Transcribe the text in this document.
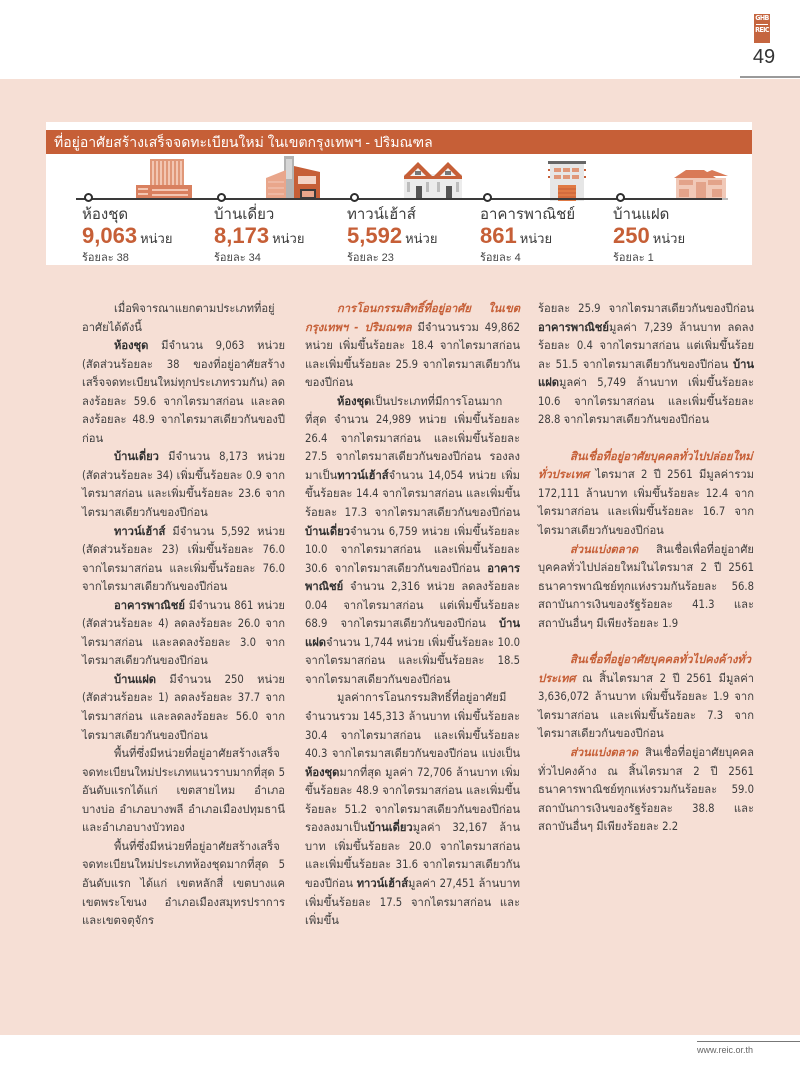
GHB
REIC
49
ที่อยู่อาศัยสร้างเสร็จจดทะเบียนใหม่ ในเขตกรุงเทพฯ - ปริมณฑล
ห้องชุด
9,063 หน่วย
ร้อยละ 38
บ้านเดี่ยว
8,173 หน่วย
ร้อยละ 34
ทาวน์เฮ้าส์
5,592 หน่วย
ร้อยละ 23
อาคารพาณิชย์
861 หน่วย
ร้อยละ 4
บ้านแฝด
250 หน่วย
ร้อยละ 1

เมื่อพิจารณาแยกตามประเภทที่อยู่อาศัยได้ดังนี้

ห้องชุด มีจำนวน 9,063 หน่วย (สัดส่วนร้อยละ 38 ของที่อยู่อาศัยสร้างเสร็จจดทะเบียนใหม่ทุกประเภทรวมกัน) ลดลงร้อยละ 59.6 จากไตรมาสก่อน และลดลงร้อยละ 48.9 จากไตรมาสเดียวกันของปีก่อน

บ้านเดี่ยว มีจำนวน 8,173 หน่วย (สัดส่วนร้อยละ 34) เพิ่มขึ้นร้อยละ 0.9 จากไตรมาสก่อน และเพิ่มขึ้นร้อยละ 23.6 จากไตรมาสเดียวกันของปีก่อน

ทาวน์เฮ้าส์ มีจำนวน 5,592 หน่วย (สัดส่วนร้อยละ 23) เพิ่มขึ้นร้อยละ 76.0 จากไตรมาสก่อน และเพิ่มขึ้นร้อยละ 76.0 จากไตรมาสเดียวกันของปีก่อน

อาคารพาณิชย์ มีจำนวน 861 หน่วย (สัดส่วนร้อยละ 4) ลดลงร้อยละ 26.0 จากไตรมาสก่อน และลดลงร้อยละ 3.0 จากไตรมาสเดียวกันของปีก่อน

บ้านแฝด มีจำนวน 250 หน่วย (สัดส่วนร้อยละ 1) ลดลงร้อยละ 37.7 จากไตรมาสก่อน และลดลงร้อยละ 56.0 จากไตรมาสเดียวกันของปีก่อน

พื้นที่ซึ่งมีหน่วยที่อยู่อาศัยสร้างเสร็จจดทะเบียนใหม่ประเภทแนวราบมากที่สุด 5 อันดับแรกได้แก่ เขตสายไหม อำเภอบางบ่อ อำเภอบางพลี อำเภอเมืองปทุมธานี และอำเภอบางบัวทอง

พื้นที่ซึ่งมีหน่วยที่อยู่อาศัยสร้างเสร็จจดทะเบียนใหม่ประเภทห้องชุดมากที่สุด 5 อันดับแรก ได้แก่ เขตหลักสี่ เขตบางแค เขตพระโขนง อำเภอเมืองสมุทรปราการ และเขตจตุจักร

การโอนกรรมสิทธิ์ที่อยู่อาศัย ในเขตกรุงเทพฯ - ปริมณฑล มีจำนวนรวม 49,862 หน่วย เพิ่มขึ้นร้อยละ 18.4 จากไตรมาสก่อน และเพิ่มขึ้นร้อยละ 25.9 จากไตรมาสเดียวกันของปีก่อน

ห้องชุดเป็นประเภทที่มีการโอนมากที่สุด จำนวน 24,989 หน่วย เพิ่มขึ้นร้อยละ 26.4 จากไตรมาสก่อน และเพิ่มขึ้นร้อยละ 27.5 จากไตรมาสเดียวกันของปีก่อน รองลงมาเป็นทาวน์เฮ้าส์จำนวน 14,054 หน่วย เพิ่มขึ้นร้อยละ 14.4 จากไตรมาสก่อน และเพิ่มขึ้นร้อยละ 17.3 จากไตรมาสเดียวกันของปีก่อน บ้านเดี่ยวจำนวน 6,759 หน่วย เพิ่มขึ้นร้อยละ 10.0 จากไตรมาสก่อน และเพิ่มขึ้นร้อยละ 30.6 จากไตรมาสเดียวกันของปีก่อน อาคารพาณิชย์ จำนวน 2,316 หน่วย ลดลงร้อยละ 0.04 จากไตรมาสก่อน แต่เพิ่มขึ้นร้อยละ 68.9 จากไตรมาสเดียวกันของปีก่อน บ้านแฝดจำนวน 1,744 หน่วย เพิ่มขึ้นร้อยละ 10.0 จากไตรมาสก่อน และเพิ่มขึ้นร้อยละ 18.5 จากไตรมาสเดียวกันของปีก่อน

มูลค่าการโอนกรรมสิทธิ์ที่อยู่อาศัยมีจำนวนรวม 145,313 ล้านบาท เพิ่มขึ้นร้อยละ 30.4 จากไตรมาสก่อน และเพิ่มขึ้นร้อยละ 40.3 จากไตรมาสเดียวกันของปีก่อน แบ่งเป็นห้องชุดมากที่สุด มูลค่า 72,706 ล้านบาท เพิ่มขึ้นร้อยละ 48.9 จากไตรมาสก่อน และเพิ่มขึ้นร้อยละ 51.2 จากไตรมาสเดียวกันของปีก่อน รองลงมาเป็นบ้านเดี่ยวมูลค่า 32,167 ล้านบาท เพิ่มขึ้นร้อยละ 20.0 จากไตรมาสก่อน และเพิ่มขึ้นร้อยละ 31.6 จากไตรมาสเดียวกันของปีก่อน ทาวน์เฮ้าส์มูลค่า 27,451 ล้านบาท เพิ่มขึ้นร้อยละ 17.5 จากไตรมาสก่อน และเพิ่มขึ้น

ร้อยละ 25.9 จากไตรมาสเดียวกันของปีก่อน อาคารพาณิชย์มูลค่า 7,239 ล้านบาท ลดลงร้อยละ 0.4 จากไตรมาสก่อน แต่เพิ่มขึ้นร้อยละ 51.5 จากไตรมาสเดียวกันของปีก่อน บ้านแฝดมูลค่า 5,749 ล้านบาท เพิ่มขึ้นร้อยละ 10.6 จากไตรมาสก่อน และเพิ่มขึ้นร้อยละ 28.8 จากไตรมาสเดียวกันของปีก่อน

สินเชื่อที่อยู่อาศัยบุคคลทั่วไปปล่อยใหม่ทั่วประเทศ ไตรมาส 2 ปี 2561 มีมูลค่ารวม 172,111 ล้านบาท เพิ่มขึ้นร้อยละ 12.4 จากไตรมาสก่อน และเพิ่มขึ้นร้อยละ 16.7 จากไตรมาสเดียวกันของปีก่อน

ส่วนแบ่งตลาด สินเชื่อเพื่อที่อยู่อาศัยบุคคลทั่วไปปล่อยใหม่ในไตรมาส 2 ปี 2561 ธนาคารพาณิชย์ทุกแห่งรวมกันร้อยละ 56.8 สถาบันการเงินของรัฐร้อยละ 41.3 และสถาบันอื่นๆ มีเพียงร้อยละ 1.9

สินเชื่อที่อยู่อาศัยบุคคลทั่วไปคงค้างทั่วประเทศ ณ สิ้นไตรมาส 2 ปี 2561 มีมูลค่า 3,636,072 ล้านบาท เพิ่มขึ้นร้อยละ 1.9 จากไตรมาสก่อน และเพิ่มขึ้นร้อยละ 7.3 จากไตรมาสเดียวกันของปีก่อน

ส่วนแบ่งตลาด สินเชื่อที่อยู่อาศัยบุคคลทั่วไปคงค้าง ณ สิ้นไตรมาส 2 ปี 2561 ธนาคารพาณิชย์ทุกแห่งรวมกันร้อยละ 59.0 สถาบันการเงินของรัฐร้อยละ 38.8 และสถาบันอื่นๆ มีเพียงร้อยละ 2.2

www.reic.or.th
